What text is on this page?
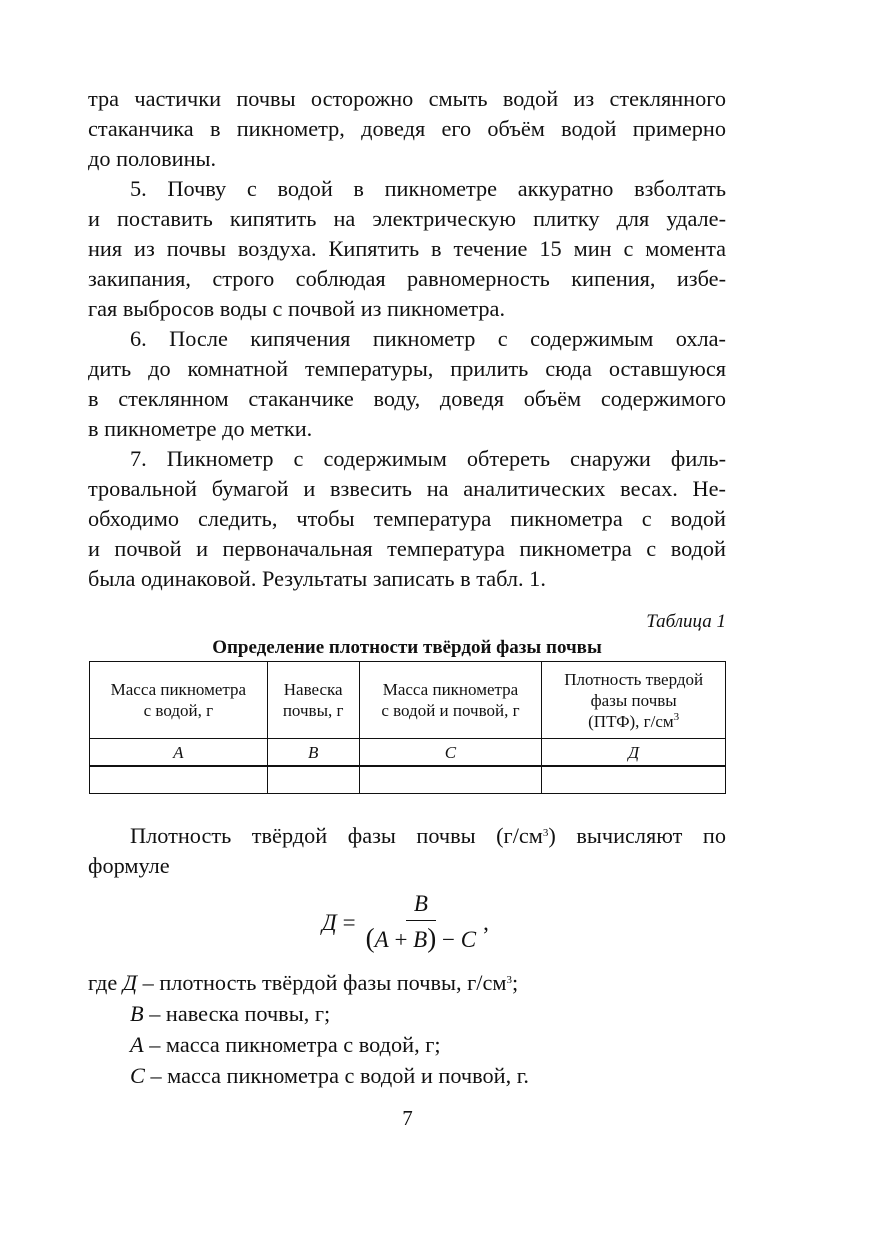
тра частички почвы осторожно смыть водой из стеклянного
стаканчика в пикнометр, доведя его объём водой примерно
до половины.

5. Почву с водой в пикнометре аккуратно взболтать
и поставить кипятить на электрическую плитку для удале-
ния из почвы воздуха. Кипятить в течение 15 мин с момента
закипания, строго соблюдая равномерность кипения, избе-
гая выбросов воды с почвой из пикнометра.

6. После кипячения пикнометр с содержимым охла-
дить до комнатной температуры, прилить сюда оставшуюся
в стеклянном стаканчике воду, доведя объём содержимого
в пикнометре до метки.

7. Пикнометр с содержимым обтереть снаружи филь-
тровальной бумагой и взвесить на аналитических весах. Не-
обходимо следить, чтобы температура пикнометра с водой
и почвой и первоначальная температура пикнометра с водой
была одинаковой. Результаты записать в табл. 1.

Таблица 1
Определение плотности твёрдой фазы почвы
Масса пикнометра
с водой, г	Навеска
почвы, г	Масса пикнометра
с водой и почвой, г	Плотность твердой
фазы почвы
(ПТФ), $г/см^3$
А	В	С	Д

Плотность твёрдой фазы почвы $(г/см^3)$ вычисляют по
формуле

$Д = \frac{В}{(А + В) - С}$ ,
где Д – плотность твёрдой фазы почвы, $г/см^3$;
В – навеска почвы, г;
А – масса пикнометра с водой, г;
С – масса пикнометра с водой и почвой, г.
7
